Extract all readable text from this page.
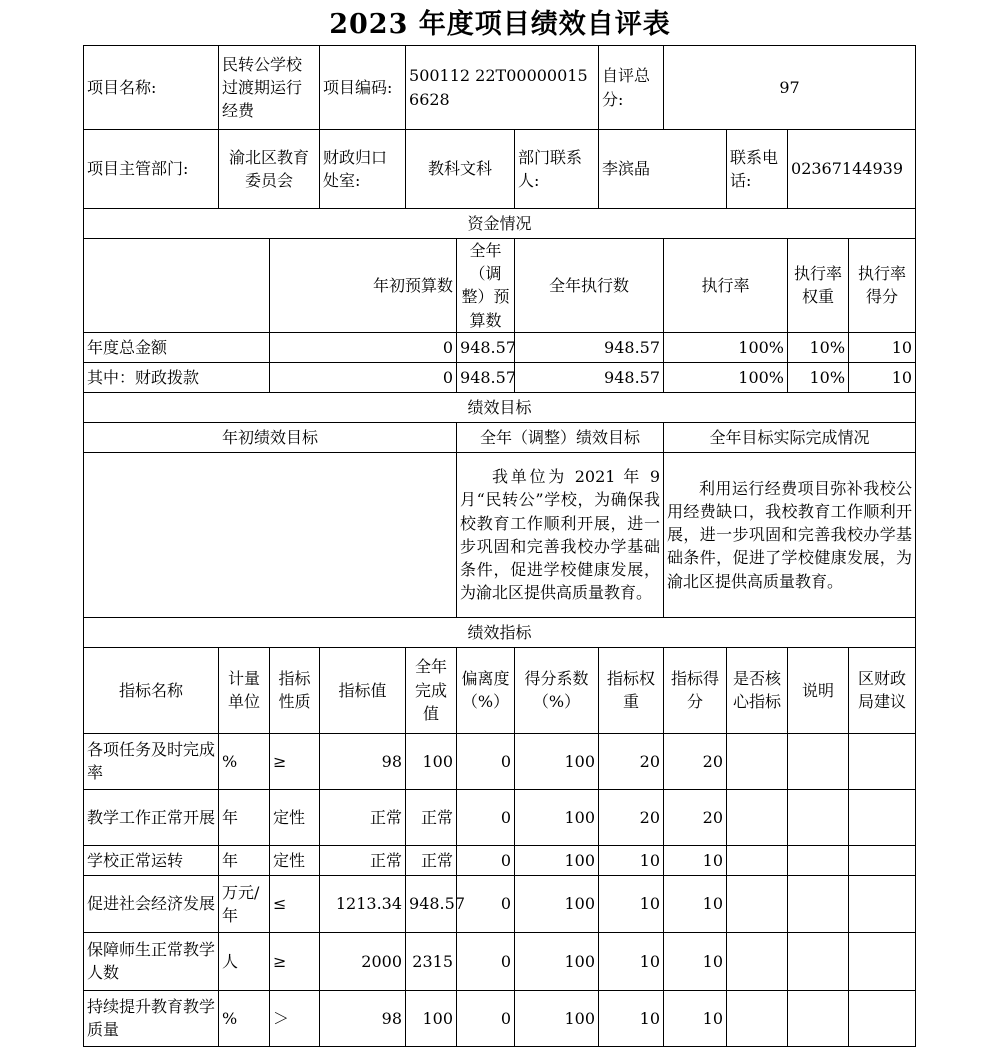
2023 年度项目绩效自评表
项目名称:	民转公学校过渡期运行经费		项目编码:	500112 22T000000156628			自评总分:	97			
项目主管部门:	渝北区教育委员会		财政归口处室:	教科文科		部门联系人:	李滨晶		联系电话:	02367144939	
资金情况											
		年初预算数			全年（调整）预算数	全年执行数		执行率		执行率权重	执行率得分
年度总金额		0			948.57	948.57		100%		10%	10
其中：财政拨款		0			948.57	948.57		100%		10%	10
绩效目标											
年初绩效目标					全年（调整）绩效目标			全年目标实际完成情况			
					我单位为 2021 年 9 月“民转公”学校，为确保我校教育工作顺利开展，进一步巩固和完善我校办学基础条件，促进学校健康发展，为渝北区提供高质量教育。			利用运行经费项目弥补我校公用经费缺口，我校教育工作顺利开展，进一步巩固和完善我校办学基础条件，促进了学校健康发展，为渝北区提供高质量教育。			
绩效指标											
指标名称	计量单位	指标性质	指标值	全年完成值	偏离度（%）	得分系数（%）	指标权重	指标得分	是否核心指标	说明	区财政局建议
各项任务及时完成率	%	≥	98	100	0	100	20	20			
教学工作正常开展	年	定性	正常	正常	0	100	20	20			
学校正常运转	年	定性	正常	正常	0	100	10	10			
促进社会经济发展	万元/年	≤	1213.34	948.57	0	100	10	10			
保障师生正常教学人数	人	≥	2000	2315	0	100	10	10			
持续提升教育教学质量	%	＞	98	100	0	100	10	10			
